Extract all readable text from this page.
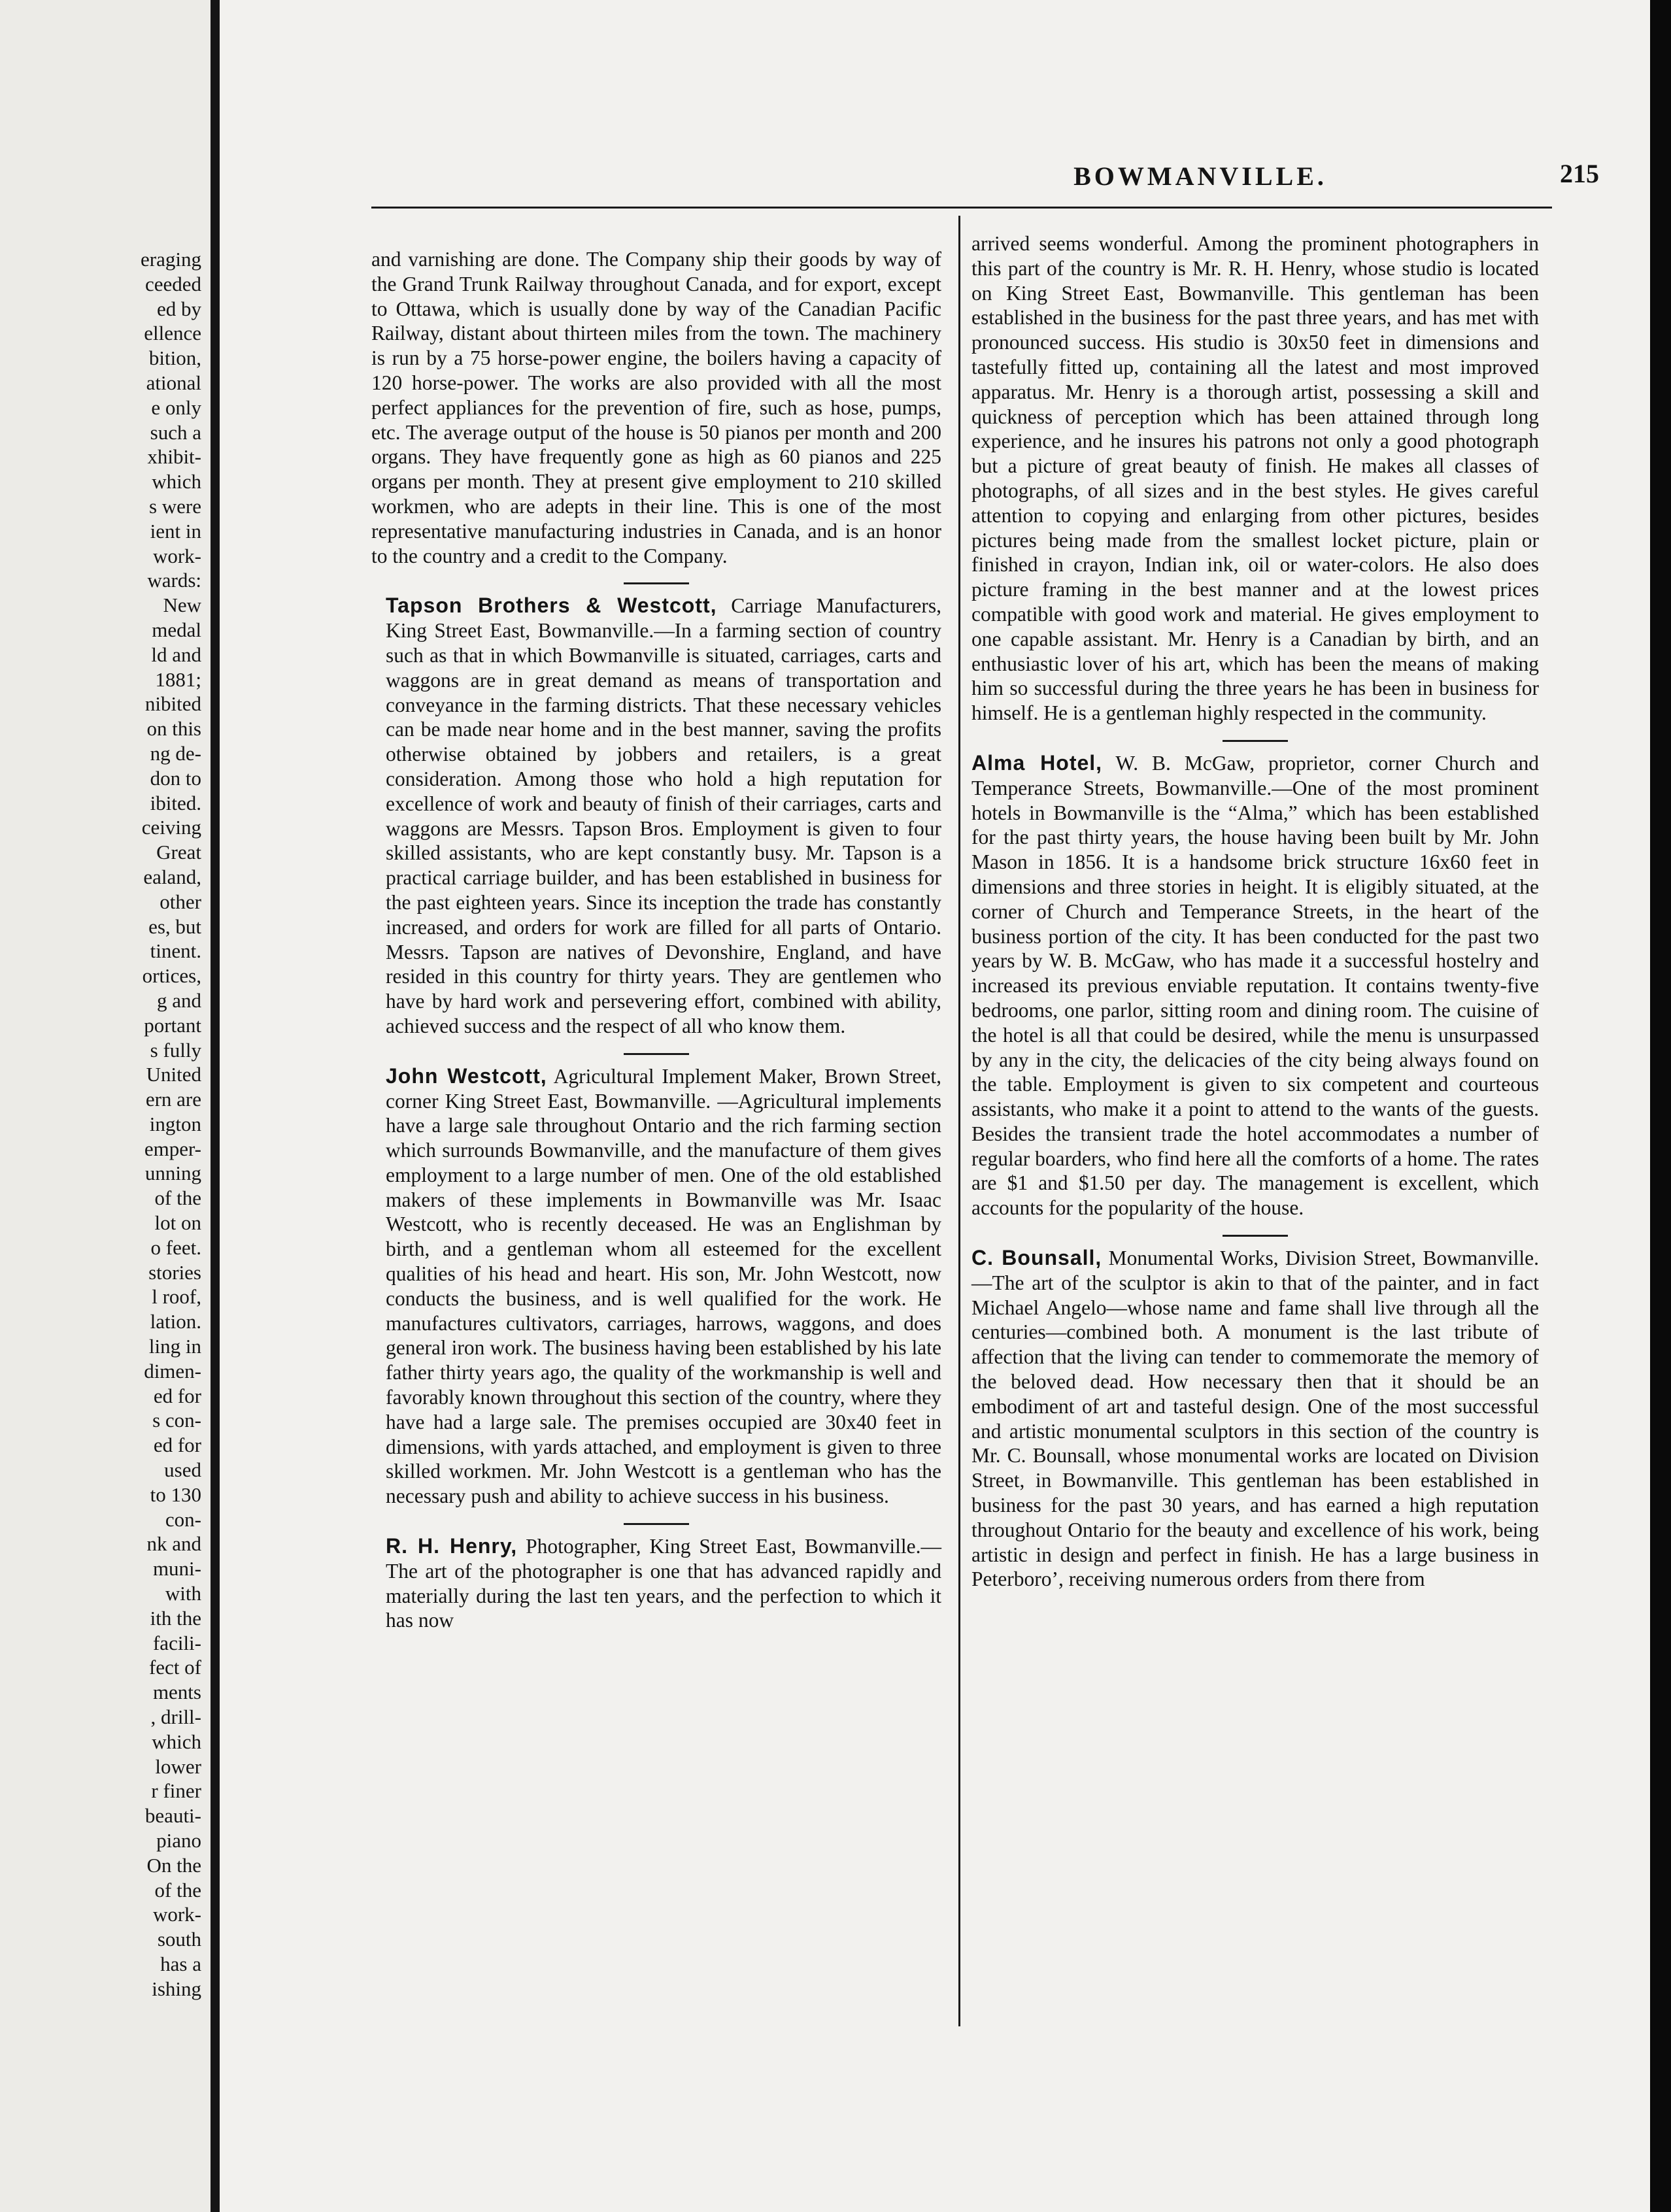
eraging
ceeded
ed by
ellence
bition,
ational
e only
such a
xhibit-
which
s were
ient in
work-
wards:
New
medal
ld and
1881;
nibited
on this
ng de-
don to
ibited.
ceiving
Great
ealand,
other
es, but
tinent.
ortices,
g and
portant
s fully
United
ern are
ington
emper-
unning
of the
lot on
o feet.
stories
l roof,
lation.
ling in
dimen-
ed for
s con-
ed for
used
to 130
con-
nk and
muni-
with
ith the
facili-
fect of
ments
, drill-
which
lower
r finer
beauti-
piano
On the
of the
work-
south
has a
ishing
BOWMANVILLE.	215

and varnishing are done. The Company ship their goods by way of the Grand Trunk Railway throughout Canada, and for export, except to Ottawa, which is usually done by way of the Canadian Pacific Railway, distant about thirteen miles from the town. The machinery is run by a 75 horse-power engine, the boilers having a capacity of 120 horse-power. The works are also provided with all the most perfect appliances for the prevention of fire, such as hose, pumps, etc. The average output of the house is 50 pianos per month and 200 organs. They have frequently gone as high as 60 pianos and 225 organs per month. They at present give employment to 210 skilled workmen, who are adepts in their line. This is one of the most representative manufacturing industries in Canada, and is an honor to the country and a credit to the Company.

Tapson Brothers & Westcott, Carriage Manufacturers, King Street East, Bowmanville.—In a farming section of country such as that in which Bowmanville is situated, carriages, carts and waggons are in great demand as means of transportation and conveyance in the farming districts. That these necessary vehicles can be made near home and in the best manner, saving the profits otherwise obtained by jobbers and retailers, is a great consideration. Among those who hold a high reputation for excellence of work and beauty of finish of their carriages, carts and waggons are Messrs. Tapson Bros. Employment is given to four skilled assistants, who are kept constantly busy. Mr. Tapson is a practical carriage builder, and has been established in business for the past eighteen years. Since its inception the trade has constantly increased, and orders for work are filled for all parts of Ontario. Messrs. Tapson are natives of Devonshire, England, and have resided in this country for thirty years. They are gentlemen who have by hard work and persevering effort, combined with ability, achieved success and the respect of all who know them.

John Westcott, Agricultural Implement Maker, Brown Street, corner King Street East, Bowmanville. —Agricultural implements have a large sale throughout Ontario and the rich farming section which surrounds Bowmanville, and the manufacture of them gives employment to a large number of men. One of the old established makers of these implements in Bowmanville was Mr. Isaac Westcott, who is recently deceased. He was an Englishman by birth, and a gentleman whom all esteemed for the excellent qualities of his head and heart. His son, Mr. John Westcott, now conducts the business, and is well qualified for the work. He manufactures cultivators, carriages, harrows, waggons, and does general iron work. The business having been established by his late father thirty years ago, the quality of the workmanship is well and favorably known throughout this section of the country, where they have had a large sale. The premises occupied are 30x40 feet in dimensions, with yards attached, and employment is given to three skilled workmen. Mr. John Westcott is a gentleman who has the necessary push and ability to achieve success in his business.

R. H. Henry, Photographer, King Street East, Bowmanville.—The art of the photographer is one that has advanced rapidly and materially during the last ten years, and the perfection to which it has now

arrived seems wonderful. Among the prominent photographers in this part of the country is Mr. R. H. Henry, whose studio is located on King Street East, Bowmanville. This gentleman has been established in the business for the past three years, and has met with pronounced success. His studio is 30x50 feet in dimensions and tastefully fitted up, containing all the latest and most improved apparatus. Mr. Henry is a thorough artist, possessing a skill and quickness of perception which has been attained through long experience, and he insures his patrons not only a good photograph but a picture of great beauty of finish. He makes all classes of photographs, of all sizes and in the best styles. He gives careful attention to copying and enlarging from other pictures, besides pictures being made from the smallest locket picture, plain or finished in crayon, Indian ink, oil or water-colors. He also does picture framing in the best manner and at the lowest prices compatible with good work and material. He gives employment to one capable assistant. Mr. Henry is a Canadian by birth, and an enthusiastic lover of his art, which has been the means of making him so successful during the three years he has been in business for himself. He is a gentleman highly respected in the community.

Alma Hotel, W. B. McGaw, proprietor, corner Church and Temperance Streets, Bowmanville.—One of the most prominent hotels in Bowmanville is the “Alma,” which has been established for the past thirty years, the house having been built by Mr. John Mason in 1856. It is a handsome brick structure 16x60 feet in dimensions and three stories in height. It is eligibly situated, at the corner of Church and Temperance Streets, in the heart of the business portion of the city. It has been conducted for the past two years by W. B. McGaw, who has made it a successful hostelry and increased its previous enviable reputation. It contains twenty-five bedrooms, one parlor, sitting room and dining room. The cuisine of the hotel is all that could be desired, while the menu is unsurpassed by any in the city, the delicacies of the city being always found on the table. Employment is given to six competent and courteous assistants, who make it a point to attend to the wants of the guests. Besides the transient trade the hotel accommodates a number of regular boarders, who find here all the comforts of a home. The rates are $1 and $1.50 per day. The management is excellent, which accounts for the popularity of the house.

C. Bounsall, Monumental Works, Division Street, Bowmanville.—The art of the sculptor is akin to that of the painter, and in fact Michael Angelo—whose name and fame shall live through all the centuries—combined both. A monument is the last tribute of affection that the living can tender to commemorate the memory of the beloved dead. How necessary then that it should be an embodiment of art and tasteful design. One of the most successful and artistic monumental sculptors in this section of the country is Mr. C. Bounsall, whose monumental works are located on Division Street, in Bowmanville. This gentleman has been established in business for the past 30 years, and has earned a high reputation throughout Ontario for the beauty and excellence of his work, being artistic in design and perfect in finish. He has a large business in Peterboro’, receiving numerous orders from there from
